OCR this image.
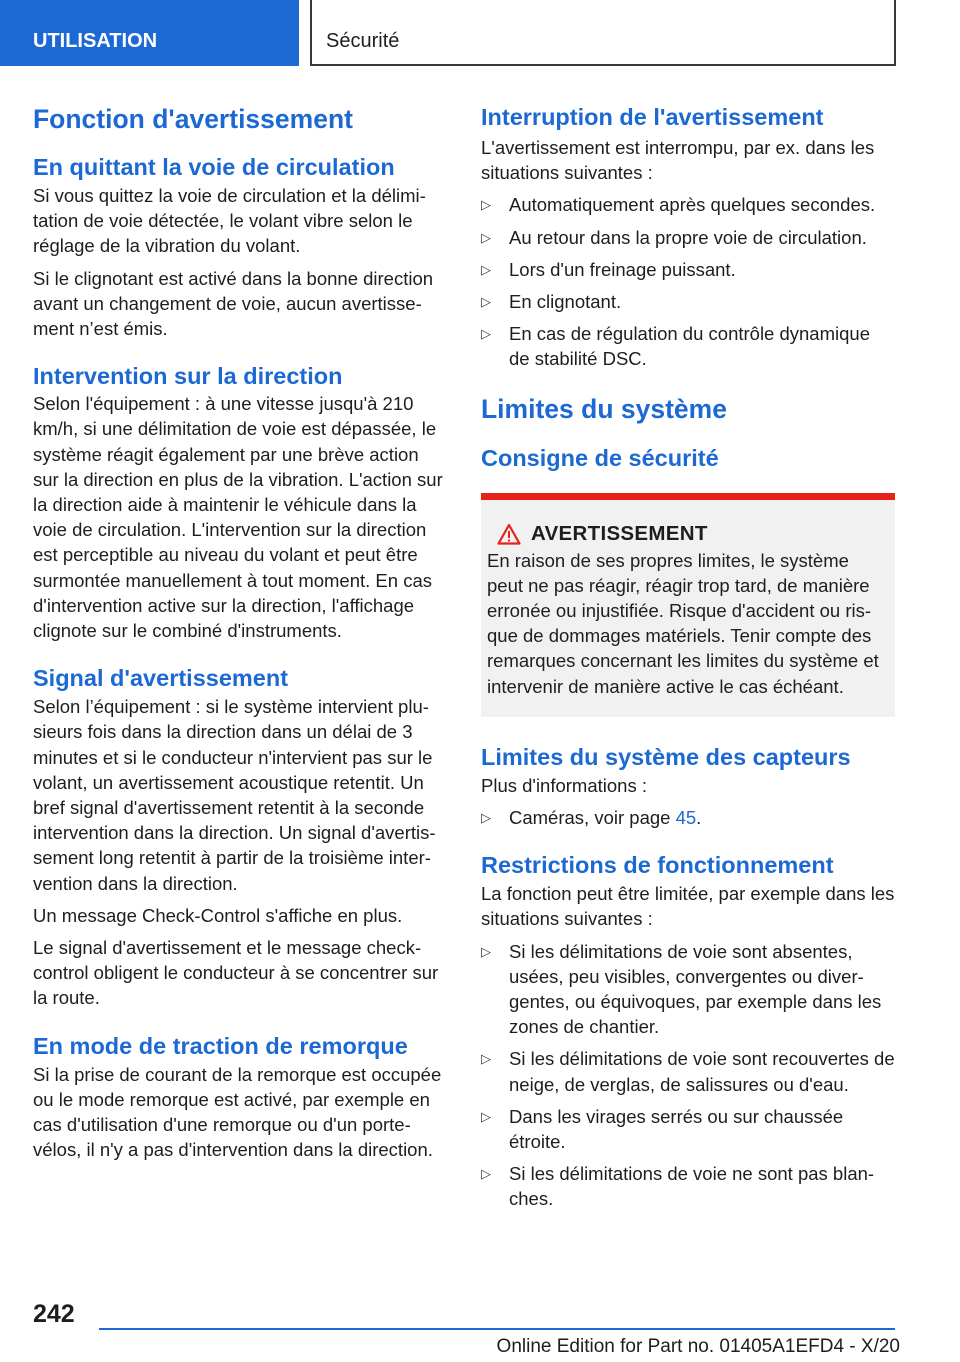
UTILISATION	Sécurité
Fonction d'avertissement
En quittant la voie de circulation

Si vous quittez la voie de circulation et la délimitation de voie détectée, le volant vibre selon le réglage de la vibration du volant.

Si le clignotant est activé dans la bonne direction avant un changement de voie, aucun avertissement n’est émis.

Intervention sur la direction

Selon l'équipement : à une vitesse jusqu'à 210 km/h, si une délimitation de voie est dépassée, le système réagit également par une brève action sur la direction en plus de la vibration. L'action sur la direction aide à maintenir le véhicule dans la voie de circulation. L'intervention sur la direction est perceptible au niveau du volant et peut être surmontée manuellement à tout moment. En cas d'intervention active sur la direction, l'affichage clignote sur le combiné d'instruments.

Signal d'avertissement

Selon l’équipement : si le système intervient plusieurs fois dans la direction dans un délai de 3 minutes et si le conducteur n'intervient pas sur le volant, un avertissement acoustique retentit. Un bref signal d'avertissement retentit à la seconde intervention dans la direction. Un signal d'avertissement long retentit à partir de la troisième intervention dans la direction.

Un message Check-Control s'affiche en plus.

Le signal d'avertissement et le message check-control obligent le conducteur à se concentrer sur la route.

En mode de traction de remorque

Si la prise de courant de la remorque est occupée ou le mode remorque est activé, par exemple en cas d'utilisation d'une remorque ou d'un porte-vélos, il n'y a pas d'intervention dans la direction.

Interruption de l'avertissement

L'avertissement est interrompu, par ex. dans les situations suivantes :

▷ Automatiquement après quelques secondes.
▷ Au retour dans la propre voie de circulation.
▷ Lors d'un freinage puissant.
▷ En clignotant.
▷ En cas de régulation du contrôle dynamique de stabilité DSC.
Limites du système
Consigne de sécurité
AVERTISSEMENT

En raison de ses propres limites, le système peut ne pas réagir, réagir trop tard, de manière erronée ou injustifiée. Risque d'accident ou risque de dommages matériels. Tenir compte des remarques concernant les limites du système et intervenir de manière active le cas échéant.

Limites du système des capteurs

Plus d'informations :

▷ Caméras, voir page 45.
Restrictions de fonctionnement

La fonction peut être limitée, par exemple dans les situations suivantes :

▷ Si les délimitations de voie sont absentes, usées, peu visibles, convergentes ou divergentes, ou équivoques, par exemple dans les zones de chantier.
▷ Si les délimitations de voie sont recouvertes de neige, de verglas, de salissures ou d'eau.
▷ Dans les virages serrés ou sur chaussée étroite.
▷ Si les délimitations de voie ne sont pas blanches.
242
Online Edition for Part no. 01405A1EFD4 - X/20
